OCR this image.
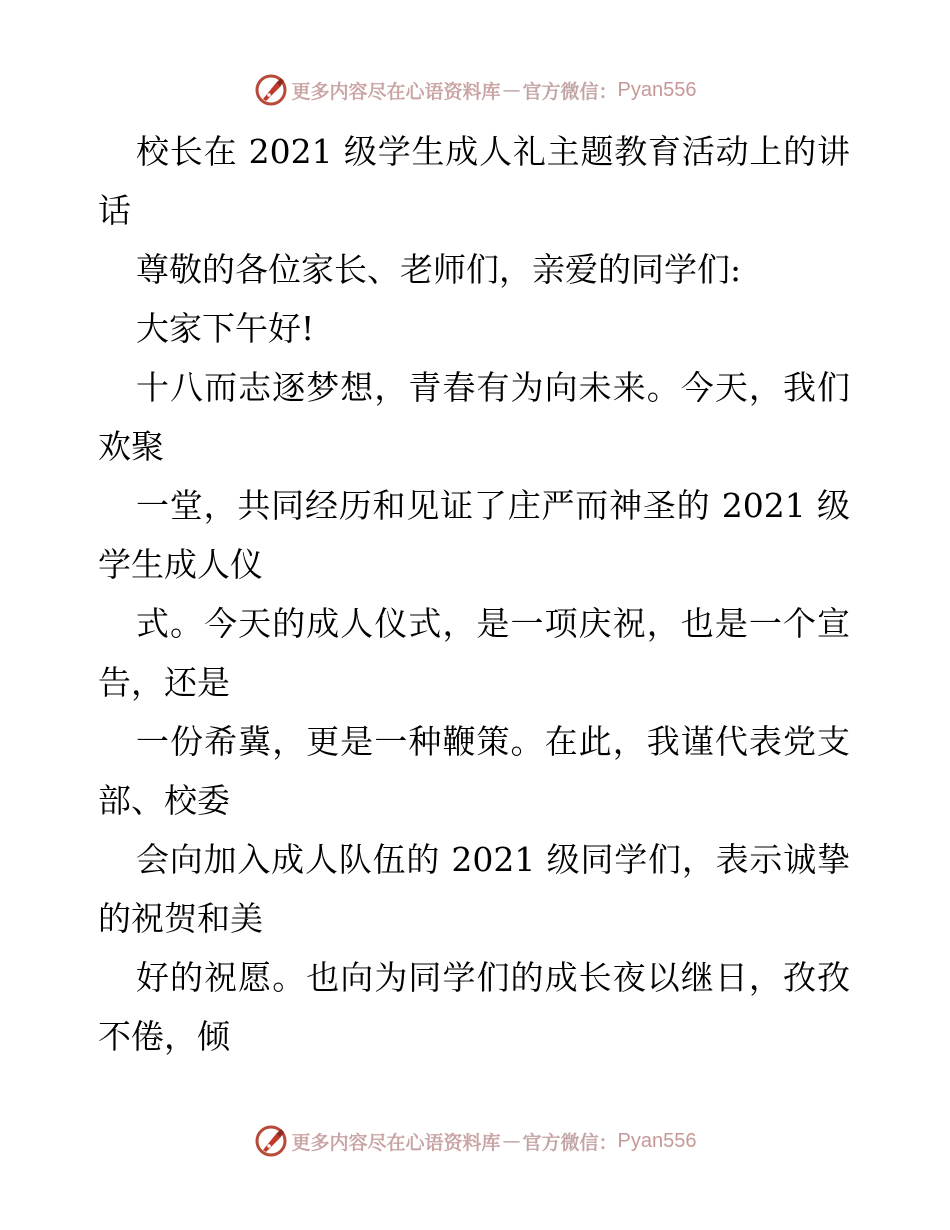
更多内容尽在心语资料库 — 官方微信： Pyan556
校长在 2021 级学生成人礼主题教育活动上的讲
话
尊敬的各位家长、老师们，亲爱的同学们:
大家下午好!
十八而志逐梦想，青春有为向未来。今天，我们
欢聚
一堂，共同经历和见证了庄严而神圣的 2021 级
学生成人仪
式。今天的成人仪式，是一项庆祝，也是一个宣
告，还是
一份希冀，更是一种鞭策。在此，我谨代表党支
部、校委
会向加入成人队伍的 2021 级同学们，表示诚挚
的祝贺和美
好的祝愿。也向为同学们的成长夜以继日，孜孜
不倦，倾
更多内容尽在心语资料库 — 官方微信： Pyan556
